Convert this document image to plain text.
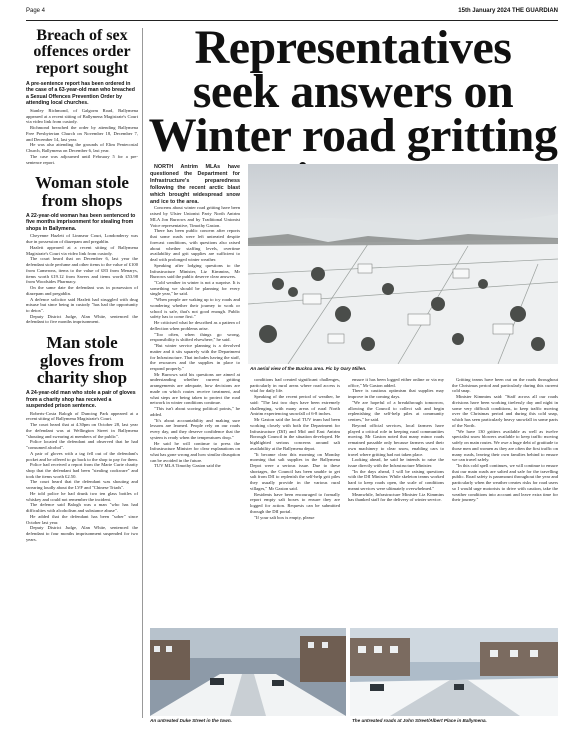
Page 4	15th January 2024 THE GUARDIAN
Breach of sex offences order report sought

A pre-sentence report has been ordered in the case of a 63-year-old man who breached a Sexual Offences Prevention Order by attending local churches.

Stanley Richmond, of Galgorm Road, Ballymena appeared at a recent sitting of Ballymena Magistrate's Court via video link from custody.

Richmond breached the order by attending Ballymena Free Presbyterian Church on November 18, December 7, and December 14, last year.

He was also attending the grounds of Elim Pentecostal Church, Ballymena on December 6, last year.

The case was adjourned until February 5 for a pre-sentence report.

Woman stole from shops

A 22-year-old woman has been sentenced to five months imprisonment for stealing from shops in Ballymena.

Cheyenne Hazlett of Linnsear Court, Londonderry was due in possession of diazepam and pregablin.

Hazlett appeared at a recent sitting of Ballymena Magistrate's Court via video link from custody.

The court heard that on December 6, last year the defendant stole perfume and other items to the value of £100 from Camerons, items to the value of £83 from Menarys, items worth £19.12 from Savers and items worth £53.98 from Woodsides Pharmacy.

On the same date the defendant was in possession of diazepam and pregablin.

A defence solicitor said Hazlett had struggled with drug misuse but since being in custody "has had the opportunity to detox".

Deputy District Judge, Alan White, sentenced the defendant to five months imprisonment.

Man stole gloves from charity shop

A 24-year-old man who stole a pair of gloves from a charity shop has received a suspended prison sentence.

Roberts-Costa Balogh of Duncing Park appeared at a recent sitting of Ballymena Magistrate's Court.

The court heard that at 4.30pm on October 28, last year the defendant was at Wellington Street in Ballymena "shouting and swearing at members of the public".

Police located the defendant and observed that he had "consumed alcohol".

A pair of gloves with a tag fell out of the defendant's pocket and he offered to go back to the shop to pay for them.

Police had received a report from the Marie Curie charity shop that the defendant had been "stealing cookware" and took the items worth £2.50.

The court heard that the defendant was shouting and swearing loudly about the LVF and "Chinese Triads".

He told police he had drunk two ten glass bottles of whiskey and could not remember the incident.

The defence said Balogh was a man "who has had difficulties with alcoholism and substance abuse".

He added that the defendant has been "sober" since October last year.

Deputy District Judge, Alan White, sentenced the defendant to four months imprisonment suspended for two years.

Representatives seek answers on Winter road gritting

NORTH Antrim MLAs have questioned the Department for Infrastructure's preparedness following the recent arctic blast which brought widespread snow and ice to the area.

Concerns about winter road gritting have been raised by Ulster Unionist Party North Antrim MLA Jon Burrows and by Traditional Unionist Voice representative, Timothy Gaston.

There has been public concern after reports that some roads were left untreated despite forecast conditions, with questions also raised about whether staffing levels, overtime availability and grit supplies are sufficient to deal with prolonged winter weather.

Speaking after lodging questions to the Infrastructure Minister, Liz Kimmins, Mr Burrows said the public deserve clear answers.

"Cold weather in winter is not a surprise. It is something we should be planning for every single year," he said.

"When people are waking up to icy roads and wondering whether their journey to work or school is safe, that's not good enough. Public safety has to come first."

He criticised what he described as a pattern of deflection when problems arise.

"Too often, when things go wrong, responsibility is shifted elsewhere," he said.

"But winter service planning is a devolved matter and it sits squarely with the Department for Infrastructure. That includes having the staff, the resources and the supplies in place to respond properly."

Mr Burrows said his questions are aimed at understanding whether current gritting arrangements are adequate, how decisions are made on which routes receive treatment, and what steps are being taken to protect the road network in winter conditions continue.

"This isn't about scoring political points," he added.

"It's about accountability and making sure lessons are learned. People rely on our roads every day, and they deserve confidence that the system is ready when the temperatures drop."

He said he will continue to press the Infrastructure Minister for clear explanations on what has gone wrong and how similar disruption can be avoided in the future.

TUV MLA Timothy Gaston said the

An aerial view of the Buckna area. Pic by Gary Millen.

conditions had created significant challenges, particularly in rural areas where road access is vital for daily life.

Speaking of the recent period of weather, he said: "The last two days have been extremely challenging, with many areas of rural North Antrim experiencing snowfall of 6-8 inches.

Mr Gaston said the local TUV team had been working closely with both the Department for Infrastructure (DfI) and Mid and East Antrim Borough Council in the situation developed. He highlighted serious concerns around salt availability at the Ballymena depot.

"It became clear this morning on Monday morning that salt supplies in the Ballymena Depot were a serious issue. Due to these shortages, the Council has been unable to get salt from DfI to replenish the self-help grit piles they usually provide in the various rural villages," Mr Gaston said.

Residents have been encouraged to formally report empty salt boxes to ensure they are logged for action. Requests can be submitted through the DfI portal.

"If your salt box is empty, please

ensure it has been logged either online or via my office," Mr Gaston added.

There is cautious optimism that supplies may improve in the coming days.

"We are hopeful of a breakthrough tomorrow, allowing the Council to collect salt and begin replenishing the self-help piles at community centres," he said.

Beyond official services, local farmers have played a critical role in keeping rural communities moving. Mr Gaston noted that many minor roads remained passable only because farmers used their own machinery to clear snow, enabling cars to travel where gritting had not taken place.

Looking ahead, he said he intends to raise the issue directly with the Infrastructure Minister.

"In the days ahead, I will be raising questions with the DfI Minister. While skeleton teams worked hard to keep roads open, the scale of conditions meant services were ultimately overwhelmed."

Meanwhile, Infrastructure Minister Liz Kimmins has thanked staff for the delivery of winter service.

Gritting teams have been out on the roads throughout the Christmas period and particularly during this current cold snap.

Minister Kimmins said: "Staff across all our roads divisions have been working tirelessly day and night in some very difficult conditions, to keep traffic moving over the Christmas period and during this cold snap, which has seen particularly heavy snowfall in some parts of the North.

"We have 130 gritters available as well as twelve specialist snow blowers available to keep traffic moving safely on main routes. We owe a huge debt of gratitude to those men and women as they are often the first traffic on many roads, leaving their own families behind to ensure we can travel safely.

"In this cold spell continues, we will continue to ensure that our main roads are salted and safe for the travelling public. Road safety is paramount throughout the year and particularly when the weather creates risks for road users so I would urge motorists to drive with caution, take the weather conditions into account and leave extra time for their journey."

An untreated Duke Street in the town.	The untreated roads at John Street/Albert Place in Ballymena.
